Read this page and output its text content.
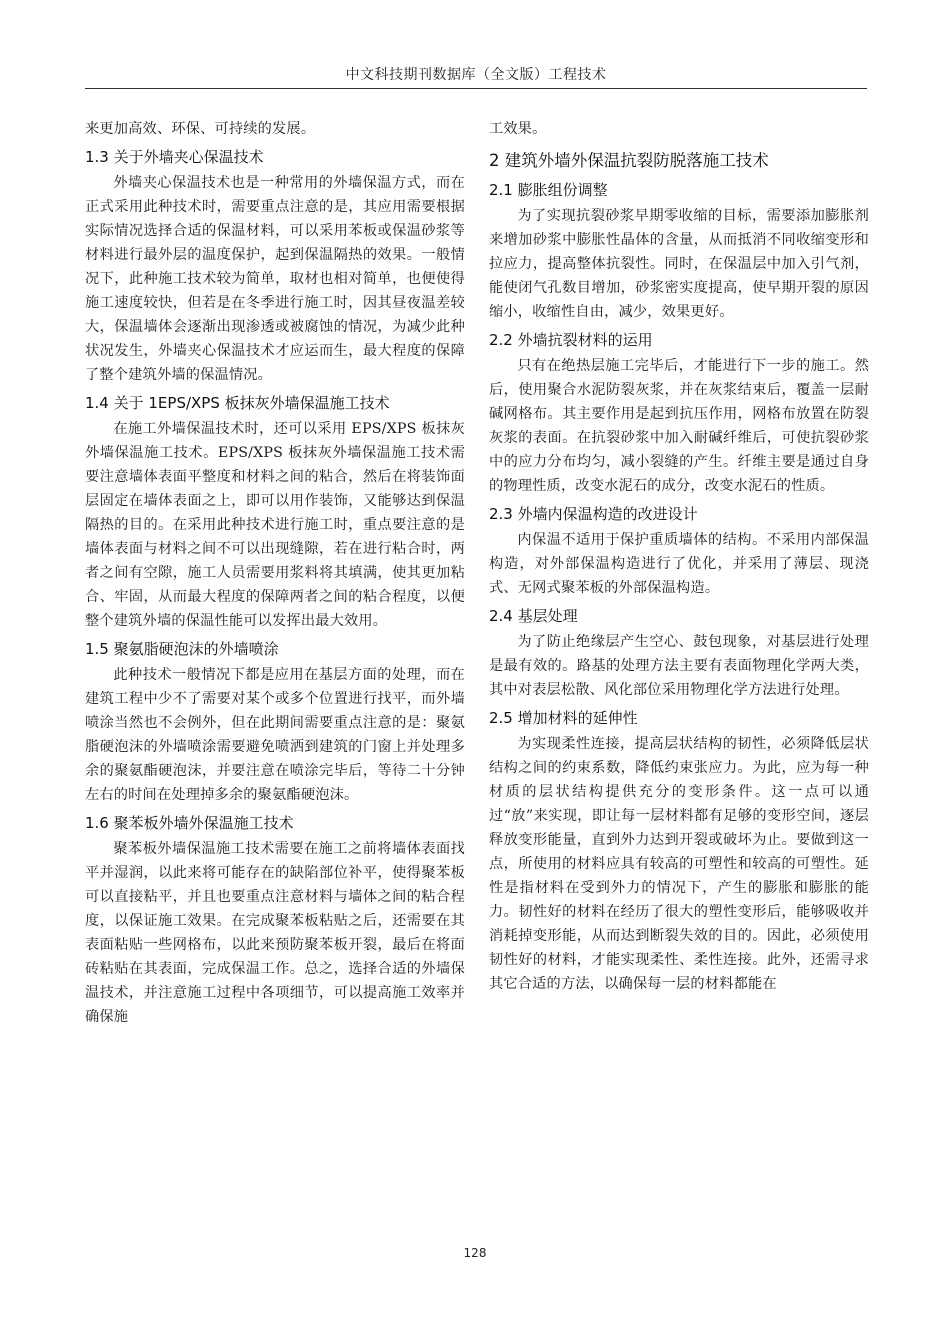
中文科技期刊数据库（全文版）工程技术

来更加高效、环保、可持续的发展。

1.3 关于外墙夹心保温技术

外墙夹心保温技术也是一种常用的外墙保温方式，而在正式采用此种技术时，需要重点注意的是，其应用需要根据实际情况选择合适的保温材料，可以采用苯板或保温砂浆等材料进行最外层的温度保护，起到保温隔热的效果。一般情况下，此种施工技术较为简单，取材也相对简单，也便使得施工速度较快，但若是在冬季进行施工时，因其昼夜温差较大，保温墙体会逐渐出现渗透或被腐蚀的情况，为减少此种状况发生，外墙夹心保温技术才应运而生，最大程度的保障了整个建筑外墙的保温情况。

1.4 关于 1EPS/XPS 板抹灰外墙保温施工技术

在施工外墙保温技术时，还可以采用 EPS/XPS 板抹灰外墙保温施工技术。EPS/XPS 板抹灰外墙保温施工技术需要注意墙体表面平整度和材料之间的粘合，然后在将装饰面层固定在墙体表面之上，即可以用作装饰，又能够达到保温隔热的目的。在采用此种技术进行施工时，重点要注意的是墙体表面与材料之间不可以出现缝隙，若在进行粘合时，两者之间有空隙，施工人员需要用浆料将其填满，使其更加粘合、牢固，从而最大程度的保障两者之间的粘合程度，以便整个建筑外墙的保温性能可以发挥出最大效用。

1.5 聚氨脂硬泡沫的外墙喷涂

此种技术一般情况下都是应用在基层方面的处理，而在建筑工程中少不了需要对某个或多个位置进行找平，而外墙喷涂当然也不会例外，但在此期间需要重点注意的是：聚氨脂硬泡沫的外墙喷涂需要避免喷洒到建筑的门窗上并处理多余的聚氨酯硬泡沫，并要注意在喷涂完毕后，等待二十分钟左右的时间在处理掉多余的聚氨酯硬泡沫。

1.6 聚苯板外墙外保温施工技术

聚苯板外墙保温施工技术需要在施工之前将墙体表面找平并湿润，以此来将可能存在的缺陷部位补平，使得聚苯板可以直接粘平，并且也要重点注意材料与墙体之间的粘合程度，以保证施工效果。在完成聚苯板粘贴之后，还需要在其表面粘贴一些网格布，以此来预防聚苯板开裂，最后在将面砖粘贴在其表面，完成保温工作。总之，选择合适的外墙保温技术，并注意施工过程中各项细节，可以提高施工效率并确保施

工效果。

2 建筑外墙外保温抗裂防脱落施工技术
2.1 膨胀组份调整

为了实现抗裂砂浆早期零收缩的目标，需要添加膨胀剂来增加砂浆中膨胀性晶体的含量，从而抵消不同收缩变形和拉应力，提高整体抗裂性。同时，在保温层中加入引气剂，能使闭气孔数目增加，砂浆密实度提高，使早期开裂的原因缩小，收缩性自由，减少，效果更好。

2.2 外墙抗裂材料的运用

只有在绝热层施工完毕后，才能进行下一步的施工。然后，使用聚合水泥防裂灰浆，并在灰浆结束后，覆盖一层耐碱网格布。其主要作用是起到抗压作用，网格布放置在防裂灰浆的表面。在抗裂砂浆中加入耐碱纤维后，可使抗裂砂浆中的应力分布均匀，减小裂缝的产生。纤维主要是通过自身的物理性质，改变水泥石的成分，改变水泥石的性质。

2.3 外墙内保温构造的改进设计

内保温不适用于保护重质墙体的结构。不采用内部保温构造，对外部保温构造进行了优化，并采用了薄层、现浇式、无网式聚苯板的外部保温构造。

2.4 基层处理

为了防止绝缘层产生空心、鼓包现象，对基层进行处理是最有效的。路基的处理方法主要有表面物理化学两大类，其中对表层松散、风化部位采用物理化学方法进行处理。

2.5 增加材料的延伸性

为实现柔性连接，提高层状结构的韧性，必须降低层状结构之间的约束系数，降低约束张应力。为此，应为每一种材质的层状结构提供充分的变形条件。这一点可以通过“放”来实现，即让每一层材料都有足够的变形空间，逐层释放变形能量，直到外力达到开裂或破坏为止。要做到这一点，所使用的材料应具有较高的可塑性和较高的可塑性。延性是指材料在受到外力的情况下，产生的膨胀和膨胀的能力。韧性好的材料在经历了很大的塑性变形后，能够吸收并消耗掉变形能，从而达到断裂失效的目的。因此，必须使用韧性好的材料，才能实现柔性、柔性连接。此外，还需寻求其它合适的方法，以确保每一层的材料都能在

128
